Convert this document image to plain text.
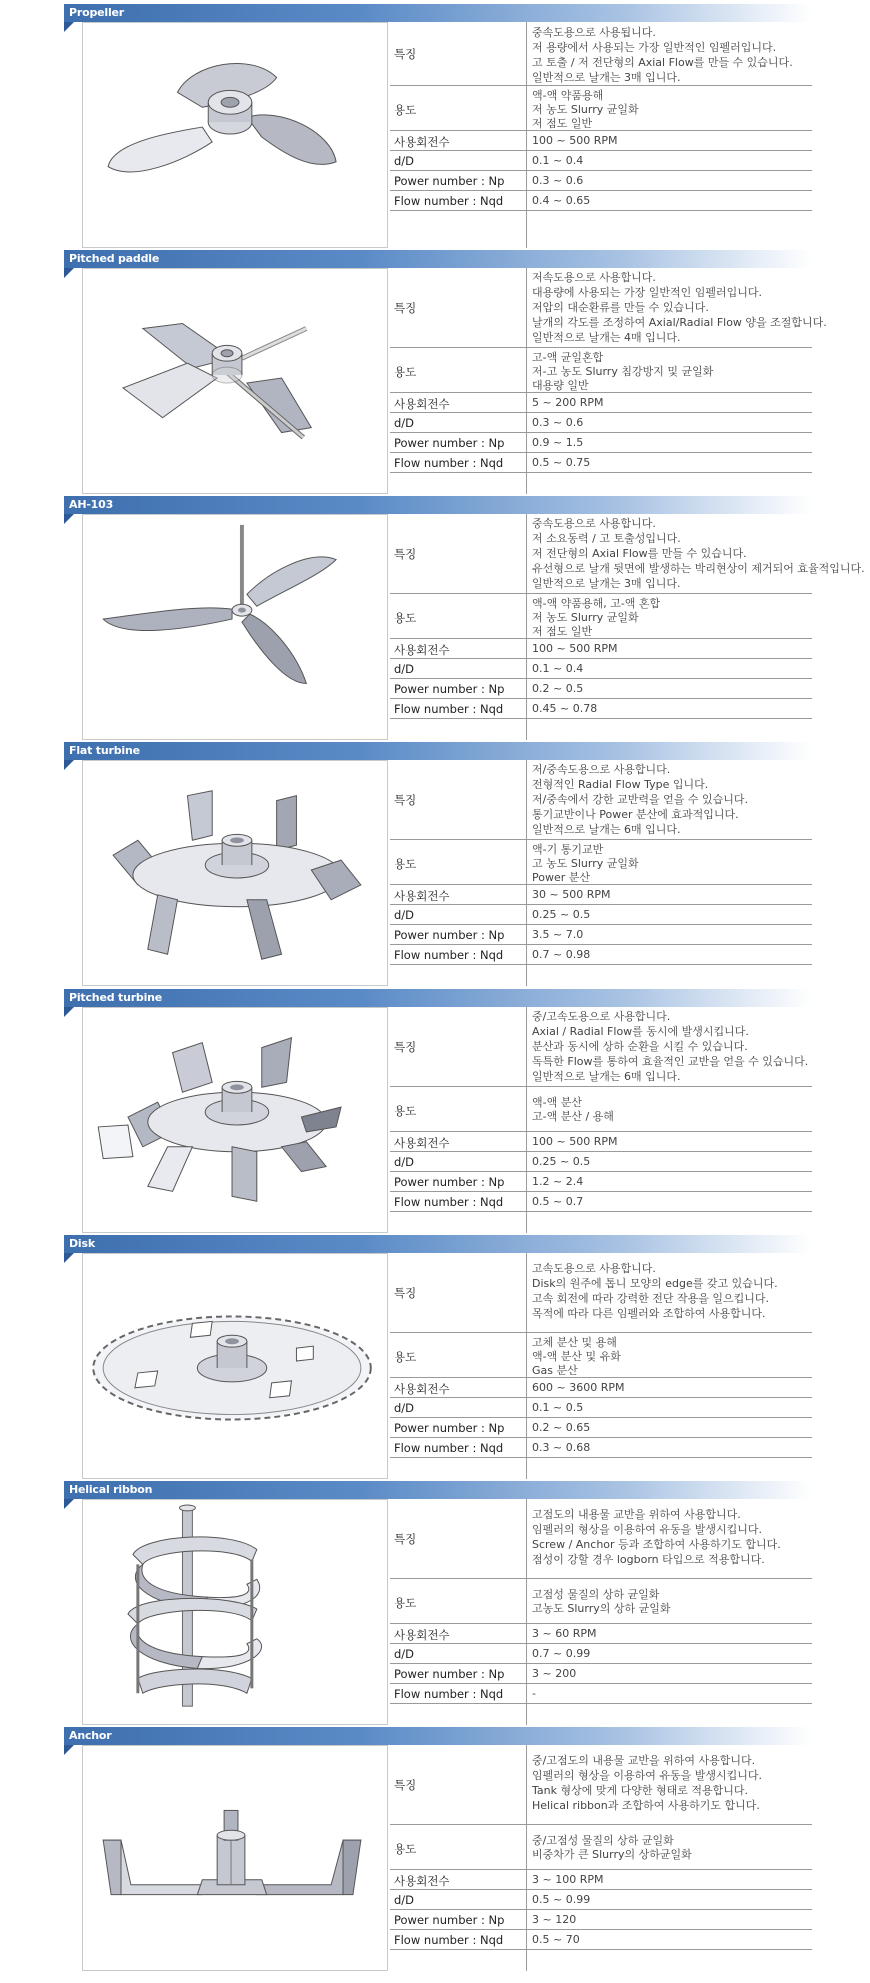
Propeller
특징
중속도용으로 사용됩니다.
저 용량에서 사용되는 가장 일반적인 임펠러입니다.
고 토출 / 저 전단형의 Axial Flow를 만들 수 있습니다.
일반적으로 날개는 3매 입니다.
용도
액-액 약품용해
저 농도 Slurry 균일화
저 점도 일반
사용회전수	100 ~ 500 RPM
d/D	0.1 ~ 0.4
Power number : Np	0.3 ~ 0.6
Flow number : Nqd	0.4 ~ 0.65
Pitched paddle
특징
저속도용으로 사용합니다.
대용량에 사용되는 가장 일반적인 임펠러입니다.
저압의 대순환류를 만들 수 있습니다.
날개의 각도를 조정하여 Axial/Radial Flow 양을 조절합니다.
일반적으로 날개는 4매 입니다.
용도
고-액 균일혼합
저-고 농도 Slurry 침강방지 및 균일화
대용량 일반
사용회전수	5 ~ 200 RPM
d/D	0.3 ~ 0.6
Power number : Np	0.9 ~ 1.5
Flow number : Nqd	0.5 ~ 0.75
AH-103
특징
중속도용으로 사용합니다.
저 소요동력 / 고 토출성입니다.
저 전단형의 Axial Flow를 만들 수 있습니다.
유선형으로 날개 뒷면에 발생하는 박리현상이 제거되어 효율적입니다.
일반적으로 날개는 3매 입니다.
용도
액-액 약품용해, 고-액 혼합
저 농도 Slurry 균일화
저 점도 일반
사용회전수	100 ~ 500 RPM
d/D	0.1 ~ 0.4
Power number : Np	0.2 ~ 0.5
Flow number : Nqd	0.45 ~ 0.78
Flat turbine
특징
저/중속도용으로 사용합니다.
전형적인 Radial Flow Type 입니다.
저/중속에서 강한 교반력을 얻을 수 있습니다.
통기교반이나 Power 분산에 효과적입니다.
일반적으로 날개는 6매 입니다.
용도
액-기 통기교반
고 농도 Slurry 균일화
Power 분산
사용회전수	30 ~ 500 RPM
d/D	0.25 ~ 0.5
Power number : Np	3.5 ~ 7.0
Flow number : Nqd	0.7 ~ 0.98
Pitched turbine
특징
중/고속도용으로 사용합니다.
Axial / Radial Flow를 동시에 발생시킵니다.
분산과 동시에 상하 순환을 시킬 수 있습니다.
독특한 Flow를 통하여 효율적인 교반을 얻을 수 있습니다.
일반적으로 날개는 6매 입니다.
용도
액-액 분산
고-액 분산 / 용해
사용회전수	100 ~ 500 RPM
d/D	0.25 ~ 0.5
Power number : Np	1.2 ~ 2.4
Flow number : Nqd	0.5 ~ 0.7
Disk
특징
고속도용으로 사용합니다.
Disk의 원주에 톱니 모양의 edge를 갖고 있습니다.
고속 회전에 따라 강력한 전단 작용을 일으킵니다.
목적에 따라 다른 임펠러와 조합하여 사용합니다.
용도
고체 분산 및 용해
액-액 분산 및 유화
Gas 분산
사용회전수	600 ~ 3600 RPM
d/D	0.1 ~ 0.5
Power number : Np	0.2 ~ 0.65
Flow number : Nqd	0.3 ~ 0.68
Helical ribbon
특징
고점도의 내용물 교반을 위하여 사용합니다.
임펠러의 형상을 이용하여 유동을 발생시킵니다.
Screw / Anchor 등과 조합하여 사용하기도 합니다.
점성이 강할 경우 logborn 타입으로 적용합니다.
용도
고점성 물질의 상하 균일화
고농도 Slurry의 상하 균일화
사용회전수	3 ~ 60 RPM
d/D	0.7 ~ 0.99
Power number : Np	3 ~ 200
Flow number : Nqd	-
Anchor
특징
중/고점도의 내용물 교반을 위하여 사용합니다.
임펠러의 형상을 이용하여 유동을 발생시킵니다.
Tank 형상에 맞게 다양한 형태로 적용합니다.
Helical ribbon과 조합하여 사용하기도 합니다.
용도
중/고점성 물질의 상하 균일화
비중차가 큰 Slurry의 상하균일화
사용회전수	3 ~ 100 RPM
d/D	0.5 ~ 0.99
Power number : Np	3 ~ 120
Flow number : Nqd	0.5 ~ 70
